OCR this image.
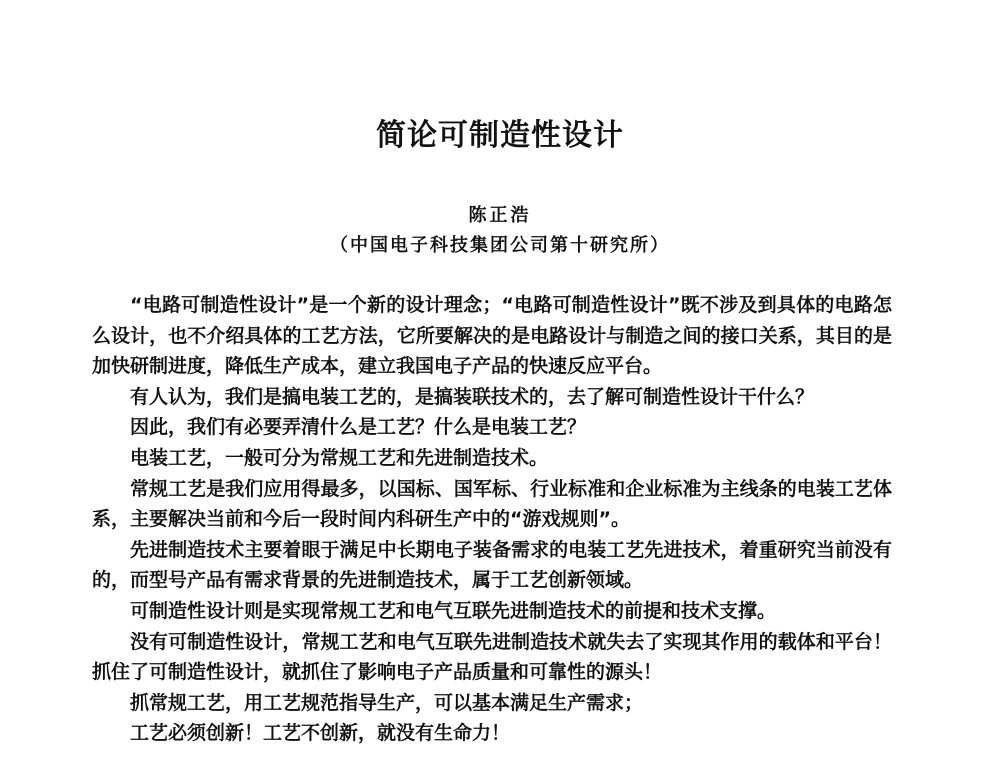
简论可制造性设计
陈正浩
（中国电子科技集团公司第十研究所）

“电路可制造性设计”是一个新的设计理念；“电路可制造性设计”既不涉及到具体的电路怎么设计，也不介绍具体的工艺方法，它所要解决的是电路设计与制造之间的接口关系，其目的是加快研制进度，降低生产成本，建立我国电子产品的快速反应平台。

有人认为，我们是搞电装工艺的，是搞装联技术的，去了解可制造性设计干什么？

因此，我们有必要弄清什么是工艺？什么是电装工艺？

电装工艺，一般可分为常规工艺和先进制造技术。

常规工艺是我们应用得最多，以国标、国军标、行业标准和企业标准为主线条的电装工艺体系，主要解决当前和今后一段时间内科研生产中的“游戏规则”。

先进制造技术主要着眼于满足中长期电子装备需求的电装工艺先进技术，着重研究当前没有的，而型号产品有需求背景的先进制造技术，属于工艺创新领域。

可制造性设计则是实现常规工艺和电气互联先进制造技术的前提和技术支撑。

没有可制造性设计，常规工艺和电气互联先进制造技术就失去了实现其作用的载体和平台！抓住了可制造性设计，就抓住了影响电子产品质量和可靠性的源头！

抓常规工艺，用工艺规范指导生产，可以基本满足生产需求；

工艺必须创新！工艺不创新，就没有生命力！
